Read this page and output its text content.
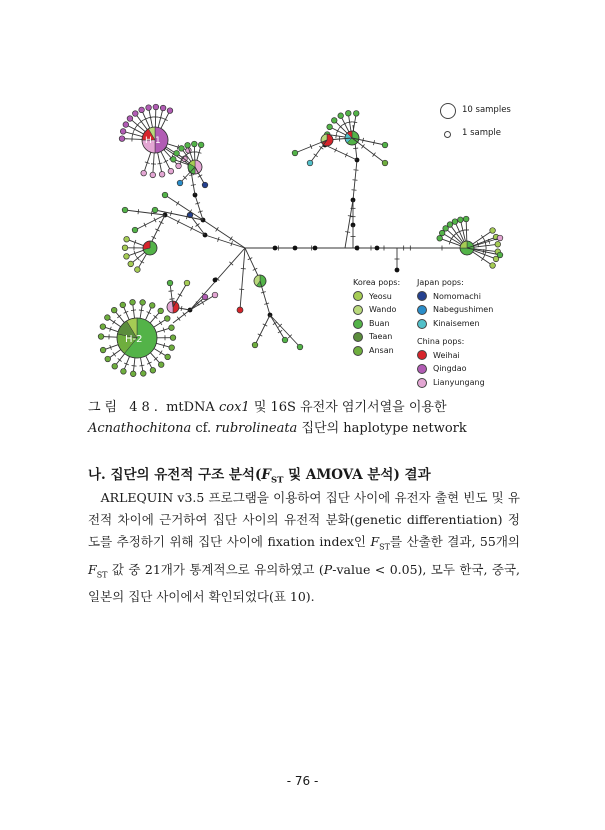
H-1
H-2
10 samples
1 sample
Korea pops:
Yeosu
Wando
Buan
Taean
Ansan
Japan pops:
Nomomachi
Nabegushimen
Kinaisemen
China pops:
Weihai
Qingdao
Lianyungang
그림 48. mtDNA cox1 및 16S 유전자 염기서열을 이용한
Acnathochitona cf. rubrolineata 집단의 haplotype network
나. 집단의 유전적 구조 분석($F_{ST}$ 및 AMOVA 분석) 결과
ARLEQUIN v3.5 프로그램을 이용하여 집단 사이에 유전자 출현 빈도 및 유전적 차이에 근거하여 집단 사이의 유전적 분화(genetic differentiation) 정도를 추정하기 위해 집단 사이에 fixation index인 $F_{ST}$를 산출한 결과, 55개의 $F_{ST}$ 값 중 21개가 통계적으로 유의하였고 (P-value < 0.05), 모두 한국, 중국, 일본의 집단 사이에서 확인되었다(표 10).
- 76 -
